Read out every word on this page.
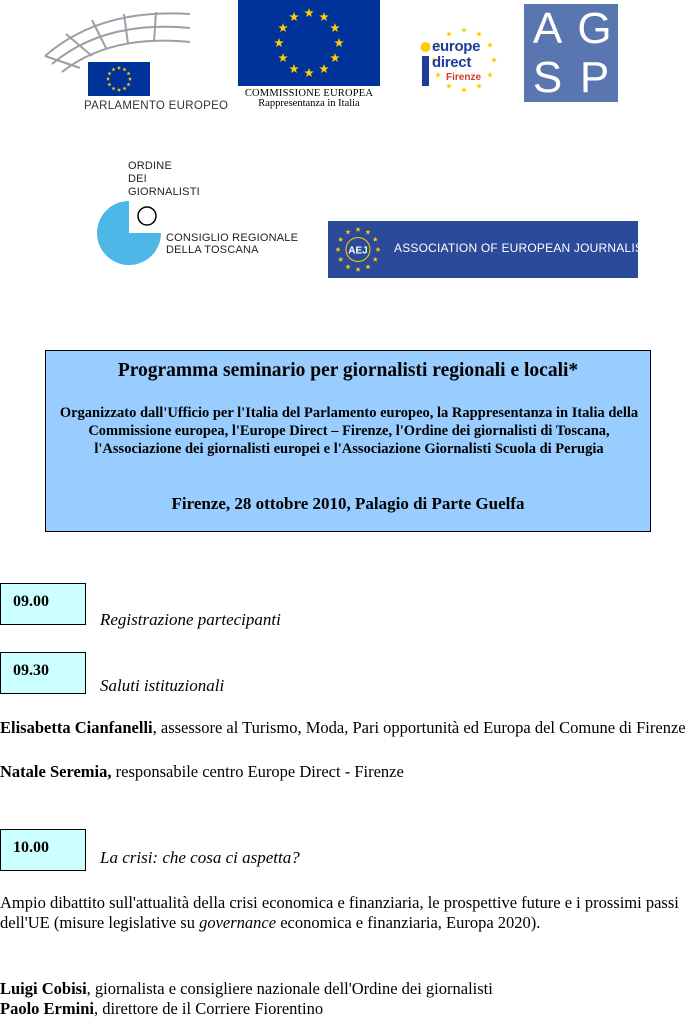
PARLAMENTO EUROPEO
COMMISSIONE EUROPEA
Rappresentanza in Italia
europe
direct
Firenze
A G
S P
ORDINE
DEI
GIORNALISTI
CONSIGLIO REGIONALE
DELLA TOSCANA	AEJ ASSOCIATION OF EUROPEAN JOURNALISTS
Programma seminario per giornalisti regionali e locali*
Organizzato dall'Ufficio per l'Italia del Parlamento europeo, la Rappresentanza in Italia della Commissione europea, l'Europe Direct – Firenze, l'Ordine dei giornalisti di Toscana, l'Associazione dei giornalisti europei e l'Associazione Giornalisti Scuola di Perugia
Firenze, 28 ottobre 2010, Palagio di Parte Guelfa
09.00
Registrazione partecipanti
09.30
Saluti istituzionali
Elisabetta Cianfanelli, assessore al Turismo, Moda, Pari opportunità ed Europa del Comune di Firenze
Natale Seremia, responsabile centro Europe Direct - Firenze
10.00
La crisi: che cosa ci aspetta?
Ampio dibattito sull'attualità della crisi economica e finanziaria, le prospettive future e i prossimi passi dell'UE (misure legislative su governance economica e finanziaria, Europa 2020).
Luigi Cobisi, giornalista e consigliere nazionale dell'Ordine dei giornalisti
Paolo Ermini, direttore de il Corriere Fiorentino
